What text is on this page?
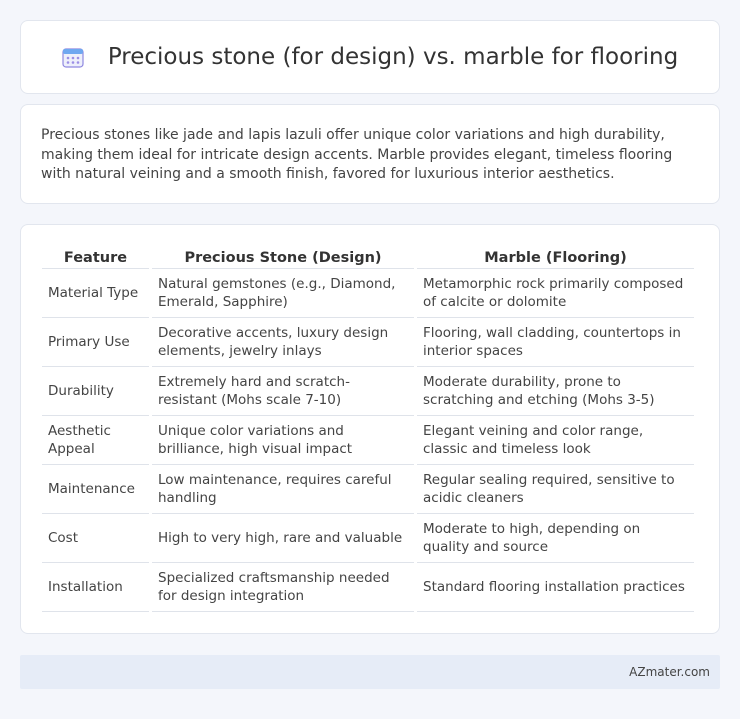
Precious stone (for design) vs. marble for flooring

Precious stones like jade and lapis lazuli offer unique color variations and high durability, making them ideal for intricate design accents. Marble provides elegant, timeless flooring with natural veining and a smooth finish, favored for luxurious interior aesthetics.

Feature	Precious Stone (Design)	Marble (Flooring)
Material Type	Natural gemstones (e.g., Diamond, Emerald, Sapphire)	Metamorphic rock primarily composed of calcite or dolomite
Primary Use	Decorative accents, luxury design elements, jewelry inlays	Flooring, wall cladding, countertops in interior spaces
Durability	Extremely hard and scratch-resistant (Mohs scale 7-10)	Moderate durability, prone to scratching and etching (Mohs 3-5)
Aesthetic Appeal	Unique color variations and brilliance, high visual impact	Elegant veining and color range, classic and timeless look
Maintenance	Low maintenance, requires careful handling	Regular sealing required, sensitive to acidic cleaners
Cost	High to very high, rare and valuable	Moderate to high, depending on quality and source
Installation	Specialized craftsmanship needed for design integration	Standard flooring installation practices
AZmater.com
